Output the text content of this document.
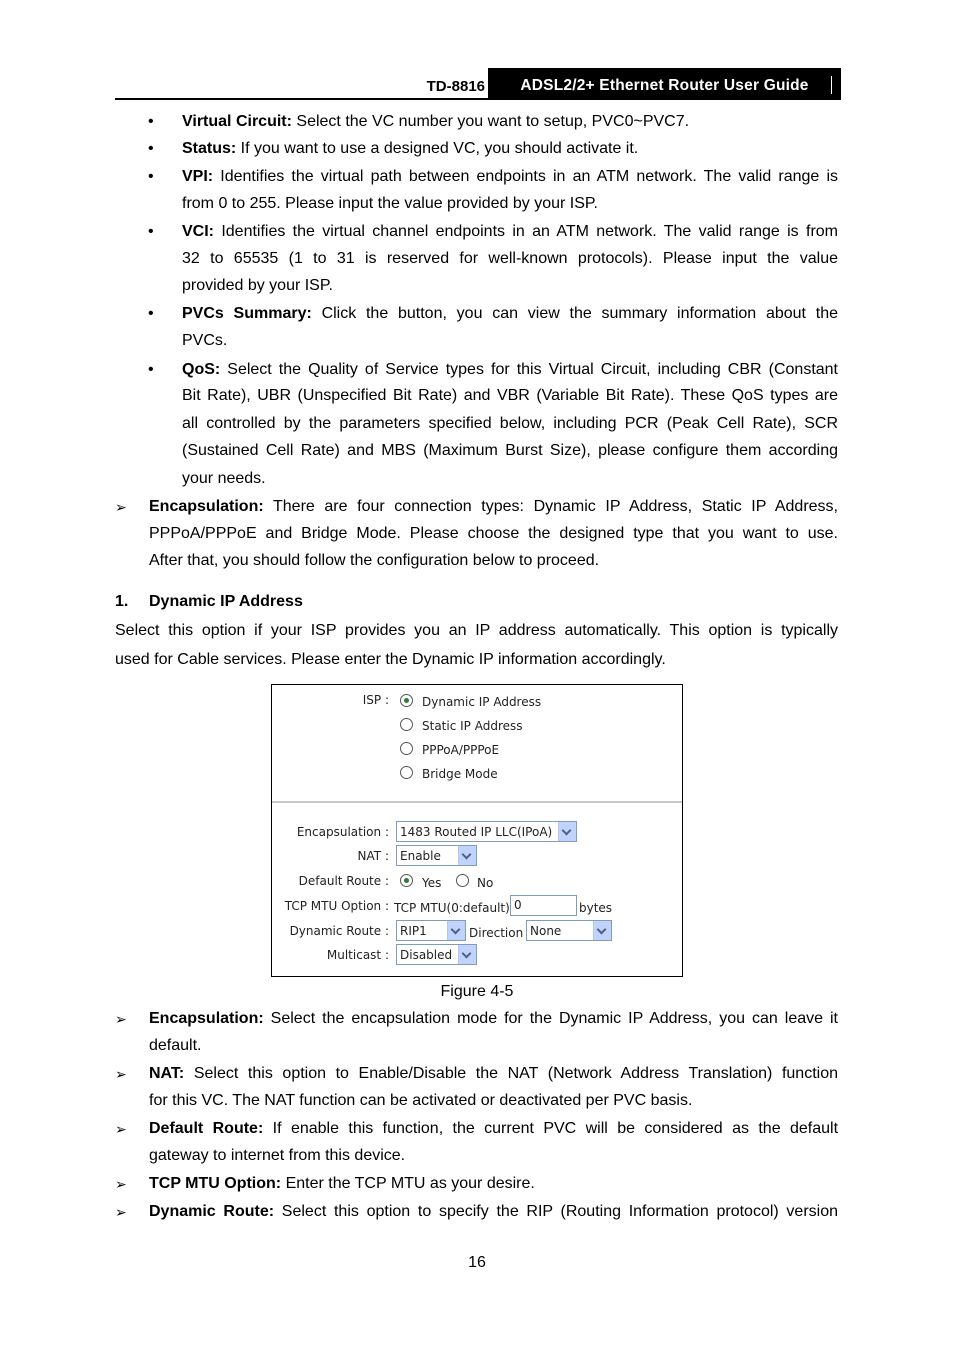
TD-8816	ADSL2/2+ Ethernet Router User Guide
• Virtual Circuit: Select the VC number you want to setup, PVC0~PVC7.
• Status: If you want to use a designed VC, you should activate it.
• VPI: Identifies the virtual path between endpoints in an ATM network. The valid range is
from 0 to 255. Please input the value provided by your ISP.
• VCI: Identifies the virtual channel endpoints in an ATM network. The valid range is from
32 to 65535 (1 to 31 is reserved for well-known protocols). Please input the value
provided by your ISP.
• PVCs Summary: Click the button, you can view the summary information about the
PVCs.
• QoS: Select the Quality of Service types for this Virtual Circuit, including CBR (Constant
Bit Rate), UBR (Unspecified Bit Rate) and VBR (Variable Bit Rate). These QoS types are
all controlled by the parameters specified below, including PCR (Peak Cell Rate), SCR
(Sustained Cell Rate) and MBS (Maximum Burst Size), please configure them according
your needs.
➢ Encapsulation: There are four connection types: Dynamic IP Address, Static IP Address,
PPPoA/PPPoE and Bridge Mode. Please choose the designed type that you want to use.
After that, you should follow the configuration below to proceed.
1. Dynamic IP Address
Select this option if your ISP provides you an IP address automatically. This option is typically
used for Cable services. Please enter the Dynamic IP information accordingly.
ISP :	Dynamic IP Address
Static IP Address
PPPoA/PPPoE
Bridge Mode
Encapsulation : 1483 Routed IP LLC(IPoA)
NAT : Enable
Default Route :	Yes	No
TCP MTU Option : TCP MTU(0:default) 0	bytes
Dynamic Route : RIP1	Direction None
Multicast : Disabled
Figure 4-5
➢ Encapsulation: Select the encapsulation mode for the Dynamic IP Address, you can leave it
default.
➢ NAT: Select this option to Enable/Disable the NAT (Network Address Translation) function
for this VC. The NAT function can be activated or deactivated per PVC basis.
➢ Default Route: If enable this function, the current PVC will be considered as the default
gateway to internet from this device.
➢ TCP MTU Option: Enter the TCP MTU as your desire.
➢ Dynamic Route: Select this option to specify the RIP (Routing Information protocol) version
16
